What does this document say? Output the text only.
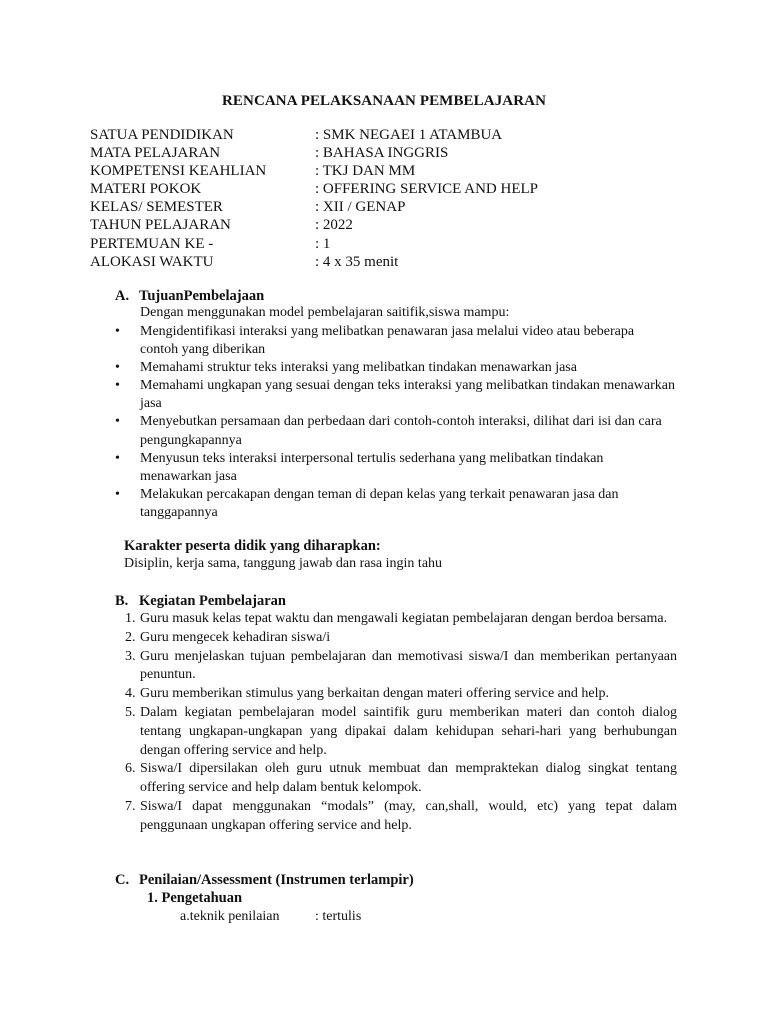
RENCANA PELAKSANAAN PEMBELAJARAN
SATUA PENDIDIKAN	: SMK NEGAEI 1 ATAMBUA
MATA PELAJARAN	: BAHASA INGGRIS
KOMPETENSI KEAHLIAN	: TKJ DAN MM
MATERI POKOK	: OFFERING SERVICE AND HELP
KELAS/ SEMESTER	: XII / GENAP
TAHUN PELAJARAN	: 2022
PERTEMUAN KE -	: 1
ALOKASI WAKTU	: 4 x 35 menit
A. TujuanPembelajaan
Dengan menggunakan model pembelajaran saitifik,siswa mampu:
• Mengidentifikasi interaksi yang melibatkan penawaran jasa melalui video atau beberapa contoh yang diberikan
• Memahami struktur teks interaksi yang melibatkan tindakan menawarkan jasa
• Memahami ungkapan yang sesuai dengan teks interaksi yang melibatkan tindakan menawarkan jasa
• Menyebutkan persamaan dan perbedaan dari contoh-contoh interaksi, dilihat dari isi dan cara pengungkapannya
• Menyusun teks interaksi interpersonal tertulis sederhana yang melibatkan tindakan menawarkan jasa
• Melakukan percakapan dengan teman di depan kelas yang terkait penawaran jasa dan tanggapannya
Karakter peserta didik yang diharapkan:
Disiplin, kerja sama, tanggung jawab dan rasa ingin tahu
B. Kegiatan Pembelajaran
1. Guru masuk kelas tepat waktu dan mengawali kegiatan pembelajaran dengan berdoa bersama.
2. Guru mengecek kehadiran siswa/i
3. Guru menjelaskan tujuan pembelajaran dan memotivasi siswa/I dan memberikan pertanyaan penuntun.
4. Guru memberikan stimulus yang berkaitan dengan materi offering service and help.
5. Dalam kegiatan pembelajaran model saintifik guru memberikan materi dan contoh dialog tentang ungkapan-ungkapan yang dipakai dalam kehidupan sehari-hari yang berhubungan dengan offering service and help.
6. Siswa/I dipersilakan oleh guru utnuk membuat dan mempraktekan dialog singkat tentang offering service and help dalam bentuk kelompok.
7. Siswa/I dapat menggunakan “modals” (may, can,shall, would, etc) yang tepat dalam penggunaan ungkapan offering service and help.
C. Penilaian/Assessment (Instrumen terlampir)
1. Pengetahuan
a.teknik penilaian	: tertulis
